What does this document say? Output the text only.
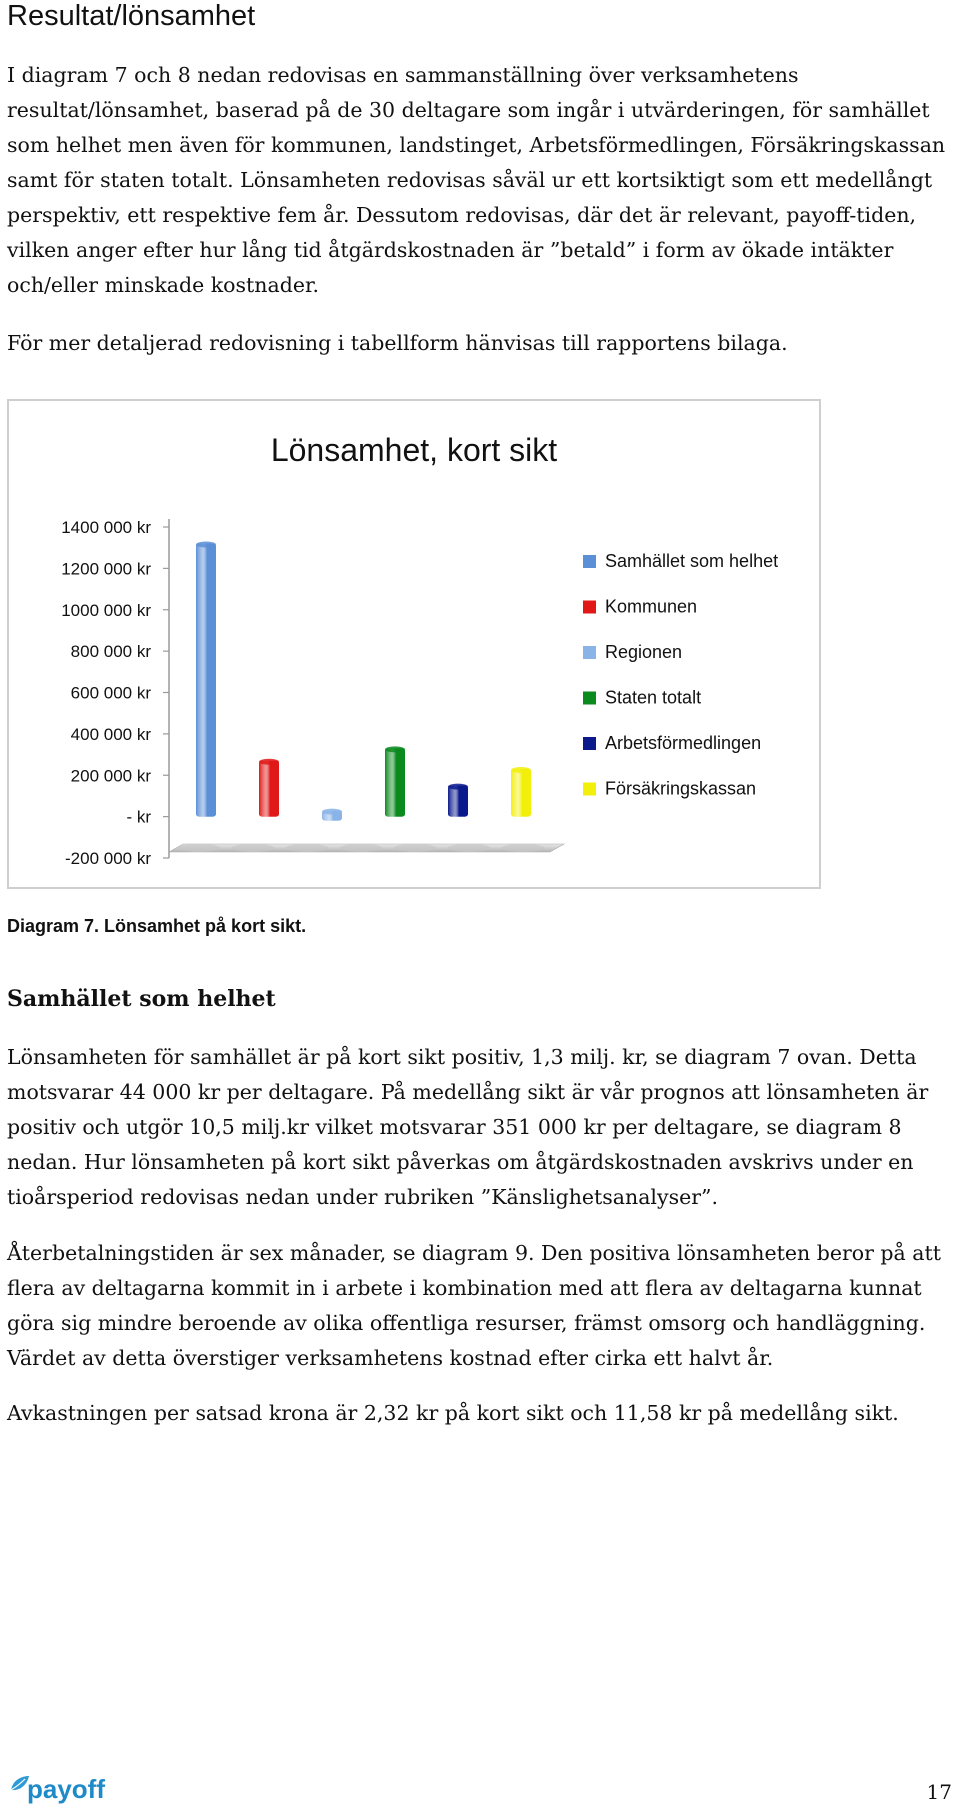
Resultat/lönsamhet

I diagram 7 och 8 nedan redovisas en sammanställning över verksamhetens resultat/lönsamhet, baserad på de 30 deltagare som ingår i utvärderingen, för samhället som helhet men även för kommunen, landstinget, Arbetsförmedlingen, Försäkringskassan samt för staten totalt. Lönsamheten redovisas såväl ur ett kortsiktigt som ett medellångt perspektiv, ett respektive fem år. Dessutom redovisas, där det är relevant, payoff-tiden, vilken anger efter hur lång tid åtgärdskostnaden är ”betald” i form av ökade intäkter och/eller minskade kostnader.

För mer detaljerad redovisning i tabellform hänvisas till rapportens bilaga.

Lönsamhet, kort sikt
1400 000 kr
1200 000 kr
1000 000 kr
800 000 kr
600 000 kr
400 000 kr
200 000 kr
- kr
-200 000 kr
Samhället som helhet
Kommunen
Regionen
Staten totalt
Arbetsförmedlingen
Försäkringskassan

Diagram 7. Lönsamhet på kort sikt.

Samhället som helhet

Lönsamheten för samhället är på kort sikt positiv, 1,3 milj. kr, se diagram 7 ovan. Detta motsvarar 44 000 kr per deltagare. På medellång sikt är vår prognos att lönsamheten är positiv och utgör 10,5 milj.kr vilket motsvarar 351 000 kr per deltagare, se diagram 8 nedan. Hur lönsamheten på kort sikt påverkas om åtgärdskostnaden avskrivs under en tioårsperiod redovisas nedan under rubriken ”Känslighetsanalyser”.

Återbetalningstiden är sex månader, se diagram 9. Den positiva lönsamheten beror på att flera av deltagarna kommit in i arbete i kombination med att flera av deltagarna kunnat göra sig mindre beroende av olika offentliga resurser, främst omsorg och handläggning. Värdet av detta överstiger verksamhetens kostnad efter cirka ett halvt år.

Avkastningen per satsad krona är 2,32 kr på kort sikt och 11,58 kr på medellång sikt.

payoff	17
